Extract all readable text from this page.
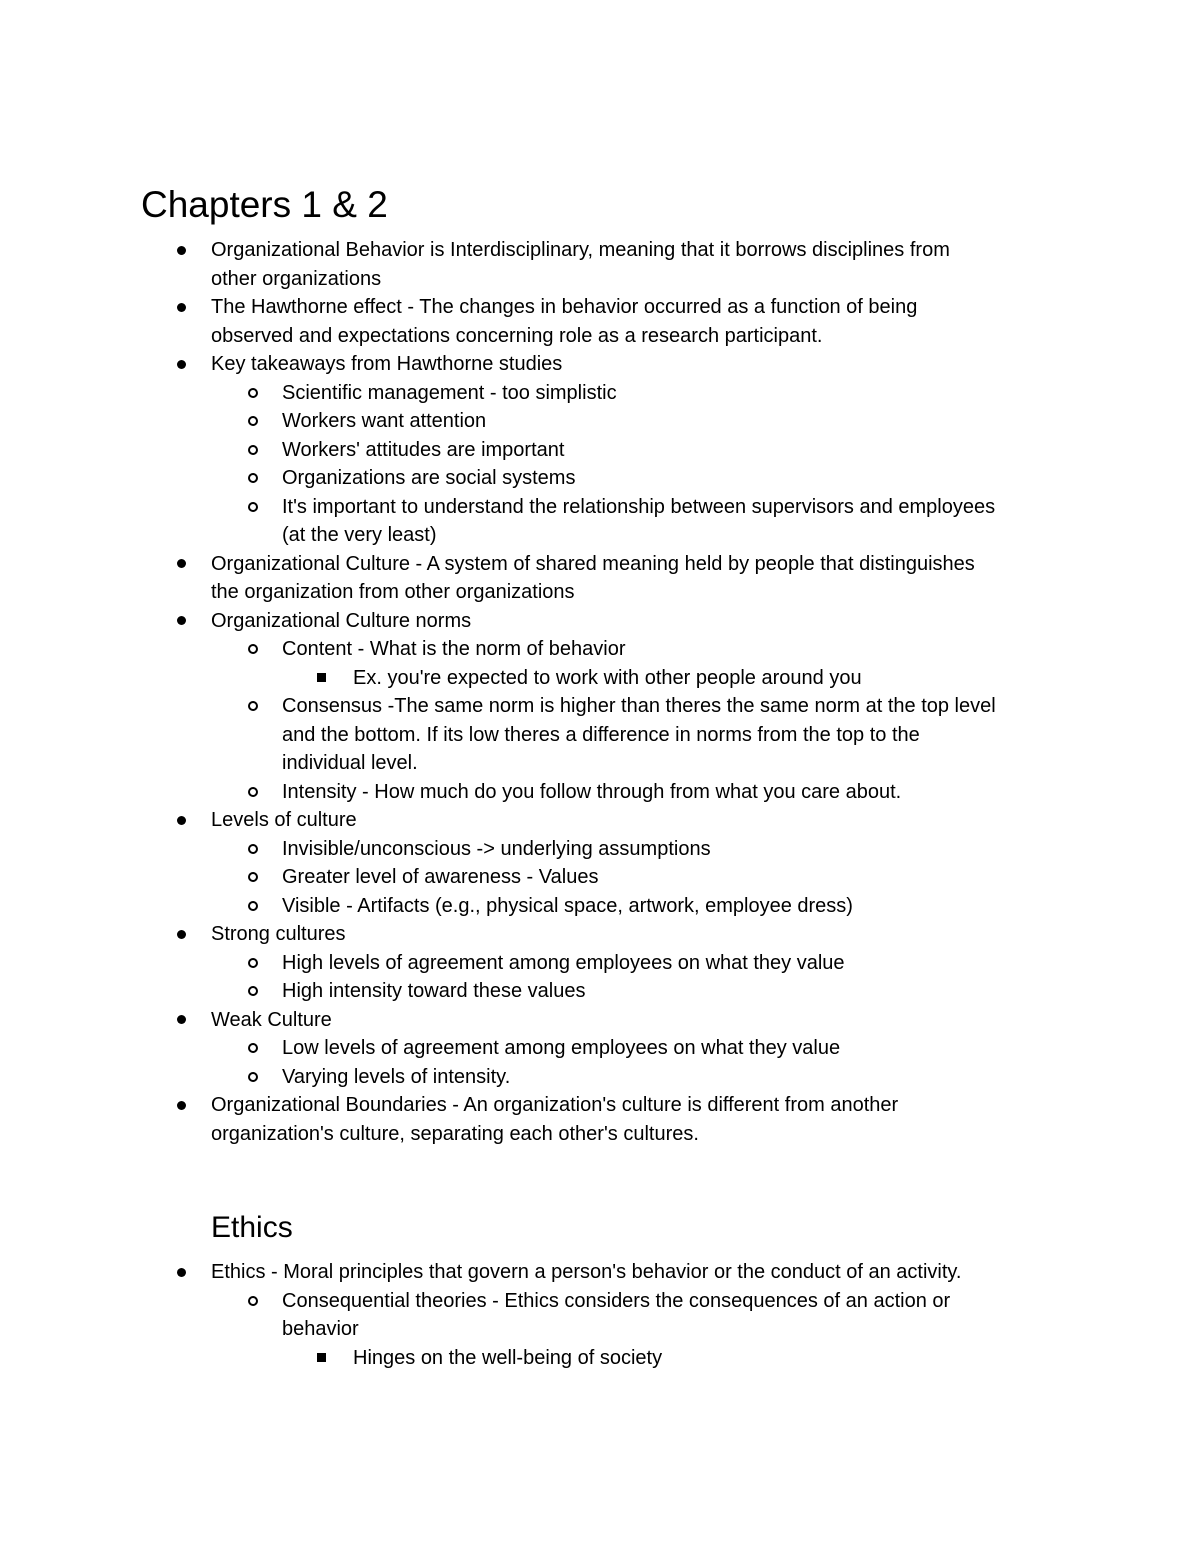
Chapters 1 & 2
Organizational Behavior is Interdisciplinary, meaning that it borrows disciplines from
other organizations
The Hawthorne effect - The changes in behavior occurred as a function of being
observed and expectations concerning role as a research participant.
Key takeaways from Hawthorne studies
Scientific management - too simplistic
Workers want attention
Workers' attitudes are important
Organizations are social systems
It's important to understand the relationship between supervisors and employees
(at the very least)
Organizational Culture - A system of shared meaning held by people that distinguishes
the organization from other organizations
Organizational Culture norms
Content - What is the norm of behavior
Ex. you're expected to work with other people around you
Consensus -The same norm is higher than theres the same norm at the top level
and the bottom. If its low theres a difference in norms from the top to the
individual level.
Intensity - How much do you follow through from what you care about.
Levels of culture
Invisible/unconscious -> underlying assumptions
Greater level of awareness - Values
Visible - Artifacts (e.g., physical space, artwork, employee dress)
Strong cultures
High levels of agreement among employees on what they value
High intensity toward these values
Weak Culture
Low levels of agreement among employees on what they value
Varying levels of intensity.
Organizational Boundaries - An organization's culture is different from another
organization's culture, separating each other's cultures.
Ethics
Ethics - Moral principles that govern a person's behavior or the conduct of an activity.
Consequential theories - Ethics considers the consequences of an action or
behavior
Hinges on the well-being of society
